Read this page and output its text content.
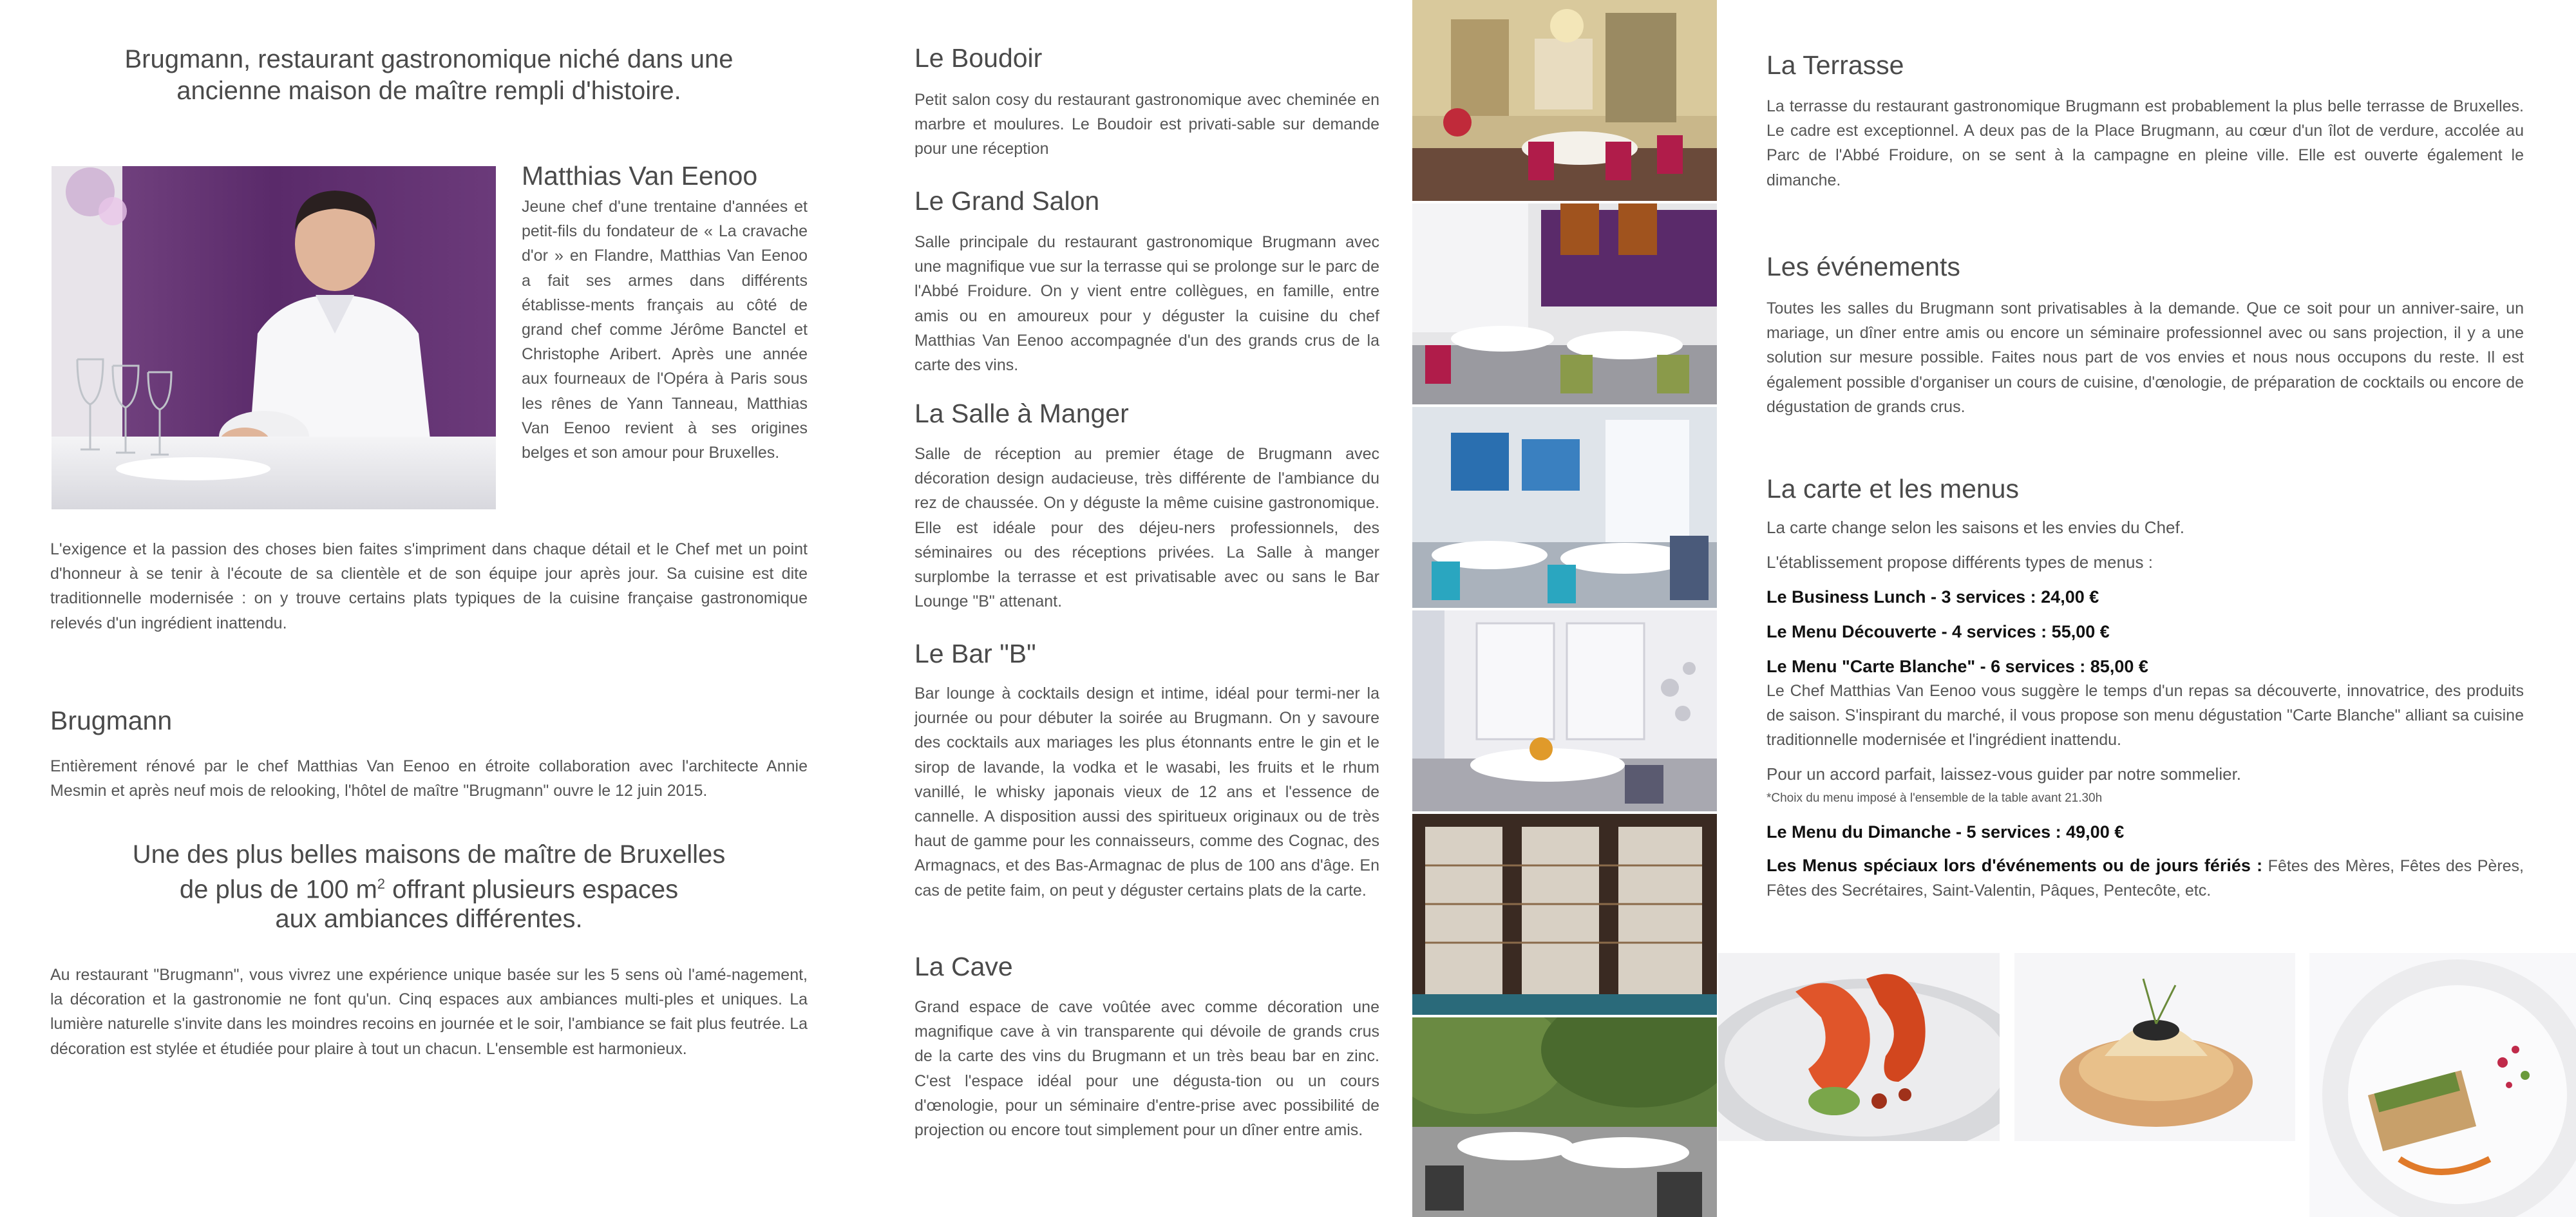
Brugmann, restaurant gastronomique niché dans une
ancienne maison de maître rempli d'histoire.
Matthias Van Eenoo
Jeune chef d'une trentaine d'années et petit-fils du fondateur de « La cravache d'or » en Flandre, Matthias Van Eenoo a fait ses armes dans différents établisse-ments français au côté de grand chef comme Jérôme Banctel et Christophe Aribert. Après une année aux fourneaux de l'Opéra à Paris sous les rênes de Yann Tanneau, Matthias Van Eenoo revient à ses origines belges et son amour pour Bruxelles.
L'exigence et la passion des choses bien faites s'impriment dans chaque détail et le Chef met un point d'honneur à se tenir à l'écoute de sa clientèle et de son équipe jour après jour. Sa cuisine est dite traditionnelle modernisée : on y trouve certains plats typiques de la cuisine française gastronomique relevés d'un ingrédient inattendu.
Brugmann
Entièrement rénové par le chef Matthias Van Eenoo en étroite collaboration avec l'architecte Annie Mesmin et après neuf mois de relooking, l'hôtel de maître "Brugmann" ouvre le 12 juin 2015.
Une des plus belles maisons de maître de Bruxelles
de plus de 100 $m^2$ offrant plusieurs espaces
aux ambiances différentes.
Au restaurant "Brugmann", vous vivrez une expérience unique basée sur les 5 sens où l'amé-nagement, la décoration et la gastronomie ne font qu'un. Cinq espaces aux ambiances multi-ples et uniques. La lumière naturelle s'invite dans les moindres recoins en journée et le soir, l'ambiance se fait plus feutrée. La décoration est stylée et étudiée pour plaire à tout un chacun. L'ensemble est harmonieux.
Le Boudoir
Petit salon cosy du restaurant gastronomique avec cheminée en marbre et moulures. Le Boudoir est privati-sable sur demande pour une réception
Le Grand Salon
Salle principale du restaurant gastronomique Brugmann avec une magnifique vue sur la terrasse qui se prolonge sur le parc de l'Abbé Froidure. On y vient entre collègues, en famille, entre amis ou en amoureux pour y déguster la cuisine du chef Matthias Van Eenoo accompagnée d'un des grands crus de la carte des vins.
La Salle à Manger
Salle de réception au premier étage de Brugmann avec décoration design audacieuse, très différente de l'ambiance du rez de chaussée. On y déguste la même cuisine gastronomique. Elle est idéale pour des déjeu-ners professionnels, des séminaires ou des réceptions privées. La Salle à manger surplombe la terrasse et est privatisable avec ou sans le Bar Lounge "B" attenant.
Le Bar "B"
Bar lounge à cocktails design et intime, idéal pour termi-ner la journée ou pour débuter la soirée au Brugmann. On y savoure des cocktails aux mariages les plus étonnants entre le gin et le sirop de lavande, la vodka et le wasabi, les fruits et le rhum vanillé, le whisky japonais vieux de 12 ans et l'essence de cannelle. A disposition aussi des spiritueux originaux ou de très haut de gamme pour les connaisseurs, comme des Cognac, des Armagnacs, et des Bas-Armagnac de plus de 100 ans d'âge. En cas de petite faim, on peut y déguster certains plats de la carte.
La Cave
Grand espace de cave voûtée avec comme décoration une magnifique cave à vin transparente qui dévoile de grands crus de la carte des vins du Brugmann et un très beau bar en zinc. C'est l'espace idéal pour une dégusta-tion ou un cours d'œnologie, pour un séminaire d'entre-prise avec possibilité de projection ou encore tout simplement pour un dîner entre amis.
La Terrasse
La terrasse du restaurant gastronomique Brugmann est probablement la plus belle terrasse de Bruxelles. Le cadre est exceptionnel. A deux pas de la Place Brugmann, au cœur d'un îlot de verdure, accolée au Parc de l'Abbé Froidure, on se sent à la campagne en pleine ville. Elle est ouverte également le dimanche.
Les événements
Toutes les salles du Brugmann sont privatisables à la demande. Que ce soit pour un anniver-saire, un mariage, un dîner entre amis ou encore un séminaire professionnel avec ou sans projection, il y a une solution sur mesure possible. Faites nous part de vos envies et nous nous occupons du reste. Il est également possible d'organiser un cours de cuisine, d'œnologie, de préparation de cocktails ou encore de dégustation de grands crus.
La carte et les menus
La carte change selon les saisons et les envies du Chef.
L'établissement propose différents types de menus :
Le Business Lunch - 3 services : 24,00 €
Le Menu Découverte - 4 services : 55,00 €
Le Menu "Carte Blanche" - 6 services : 85,00 €
Le Chef Matthias Van Eenoo vous suggère le temps d'un repas sa découverte, innovatrice, des produits de saison. S'inspirant du marché, il vous propose son menu dégustation "Carte Blanche" alliant sa cuisine traditionnelle modernisée et l'ingrédient inattendu.
Pour un accord parfait, laissez-vous guider par notre sommelier.
*Choix du menu imposé à l'ensemble de la table avant 21.30h
Le Menu du Dimanche - 5 services : 49,00 €
Les Menus spéciaux lors d'événements ou de jours fériés : Fêtes des Mères, Fêtes des Pères, Fêtes des Secrétaires, Saint-Valentin, Pâques, Pentecôte, etc.
